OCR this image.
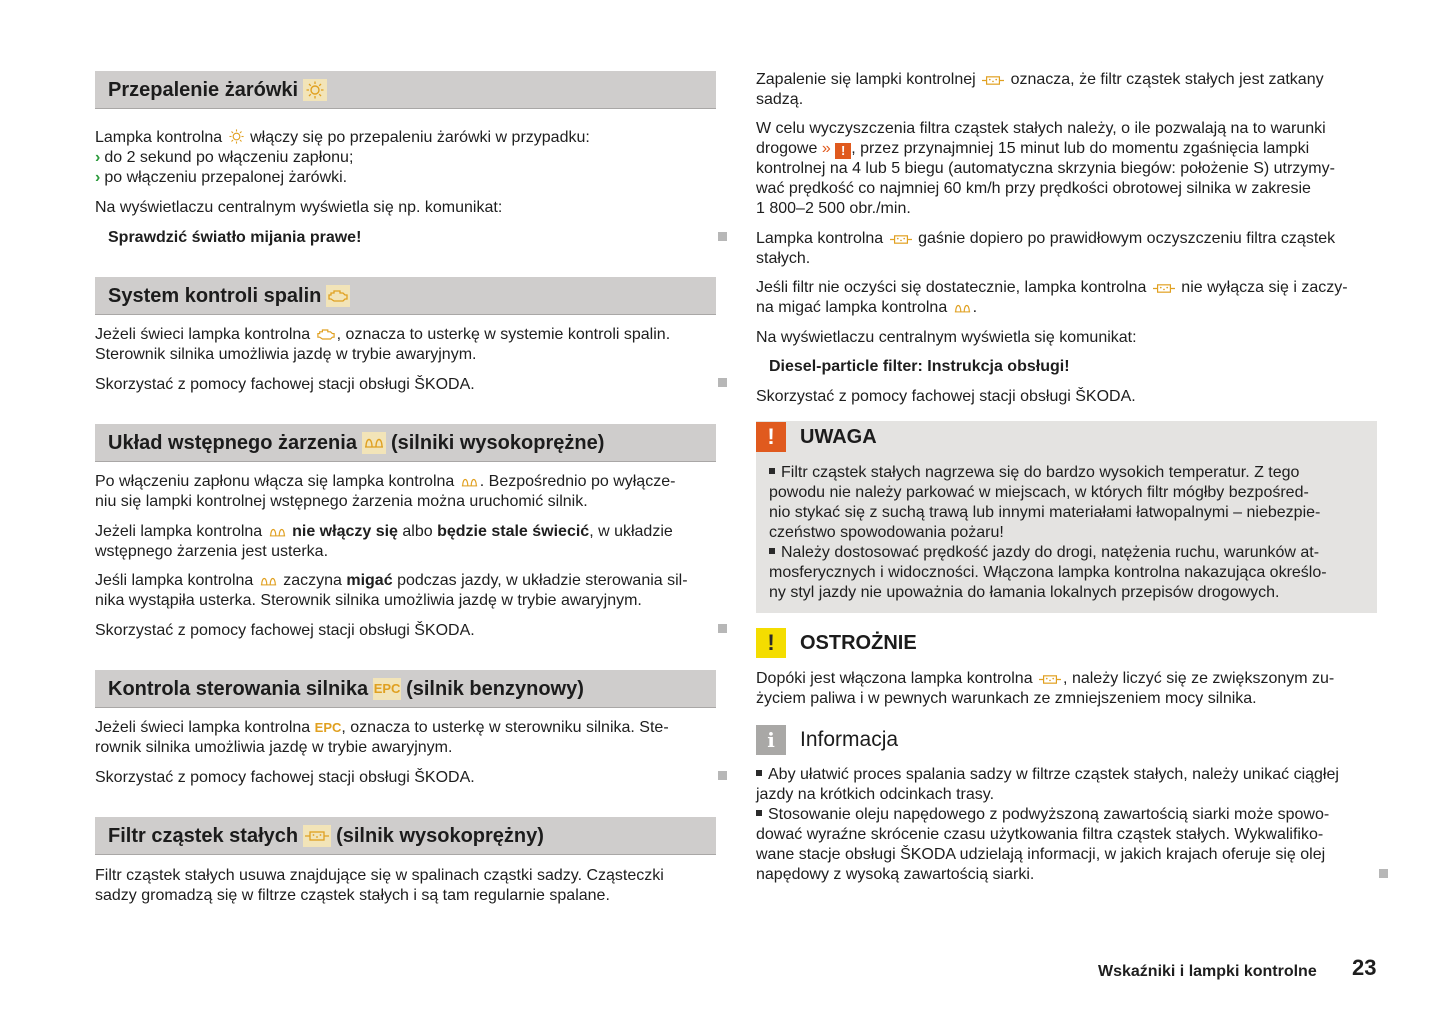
Przepalenie żarówki
Lampka kontrolna włączy się po przepaleniu żarówki w przypadku:
› do 2 sekund po włączeniu zapłonu;
› po włączeniu przepalonej żarówki.
Na wyświetlaczu centralnym wyświetla się np. komunikat:
Sprawdzić światło mijania prawe!
System kontroli spalin
Jeżeli świeci lampka kontrolna , oznacza to usterkę w systemie kontroli spalin.
Sterownik silnika umożliwia jazdę w trybie awaryjnym.
Skorzystać z pomocy fachowej stacji obsługi ŠKODA.
Układ wstępnego żarzenia (silniki wysokoprężne)
Po włączeniu zapłonu włącza się lampka kontrolna . Bezpośrednio po wyłącze-
niu się lampki kontrolnej wstępnego żarzenia można uruchomić silnik.
Jeżeli lampka kontrolna nie włączy się albo będzie stale świecić, w układzie
wstępnego żarzenia jest usterka.
Jeśli lampka kontrolna zaczyna migać podczas jazdy, w układzie sterowania sil-
nika wystąpiła usterka. Sterownik silnika umożliwia jazdę w trybie awaryjnym.
Skorzystać z pomocy fachowej stacji obsługi ŠKODA.
Kontrola sterowania silnika EPC (silnik benzynowy)
Jeżeli świeci lampka kontrolna EPC, oznacza to usterkę w sterowniku silnika. Ste-
rownik silnika umożliwia jazdę w trybie awaryjnym.
Skorzystać z pomocy fachowej stacji obsługi ŠKODA.
Filtr cząstek stałych (silnik wysokoprężny)
Filtr cząstek stałych usuwa znajdujące się w spalinach cząstki sadzy. Cząsteczki
sadzy gromadzą się w filtrze cząstek stałych i są tam regularnie spalane.
Zapalenie się lampki kontrolnej oznacza, że filtr cząstek stałych jest zatkany
sadzą.
W celu wyczyszczenia filtra cząstek stałych należy, o ile pozwalają na to warunki
drogowe » ! , przez przynajmniej 15 minut lub do momentu zgaśnięcia lampki
kontrolnej na 4 lub 5 biegu (automatyczna skrzynia biegów: położenie S) utrzymy-
wać prędkość co najmniej 60 km/h przy prędkości obrotowej silnika w zakresie
1 800–2 500 obr./min.
Lampka kontrolna gaśnie dopiero po prawidłowym oczyszczeniu filtra cząstek
stałych.
Jeśli filtr nie oczyści się dostatecznie, lampka kontrolna nie wyłącza się i zaczy-
na migać lampka kontrolna .
Na wyświetlaczu centralnym wyświetla się komunikat:
Diesel-particle filter: Instrukcja obsługi!
Skorzystać z pomocy fachowej stacji obsługi ŠKODA.
!	UWAGA
Filtr cząstek stałych nagrzewa się do bardzo wysokich temperatur. Z tego
powodu nie należy parkować w miejscach, w których filtr mógłby bezpośred-
nio stykać się z suchą trawą lub innymi materiałami łatwopalnymi – niebezpie-
czeństwo spowodowania pożaru!
Należy dostosować prędkość jazdy do drogi, natężenia ruchu, warunków at-
mosferycznych i widoczności. Włączona lampka kontrolna nakazująca określo-
ny styl jazdy nie upoważnia do łamania lokalnych przepisów drogowych.
!	OSTROŻNIE
Dopóki jest włączona lampka kontrolna , należy liczyć się ze zwiększonym zu-
życiem paliwa i w pewnych warunkach ze zmniejszeniem mocy silnika.
i	Informacja
Aby ułatwić proces spalania sadzy w filtrze cząstek stałych, należy unikać ciągłej
jazdy na krótkich odcinkach trasy.
Stosowanie oleju napędowego z podwyższoną zawartością siarki może spowo-
dować wyraźne skrócenie czasu użytkowania filtra cząstek stałych. Wykwalifiko-
wane stacje obsługi ŠKODA udzielają informacji, w jakich krajach oferuje się olej
napędowy z wysoką zawartością siarki.
Wskaźniki i lampki kontrolne 23
